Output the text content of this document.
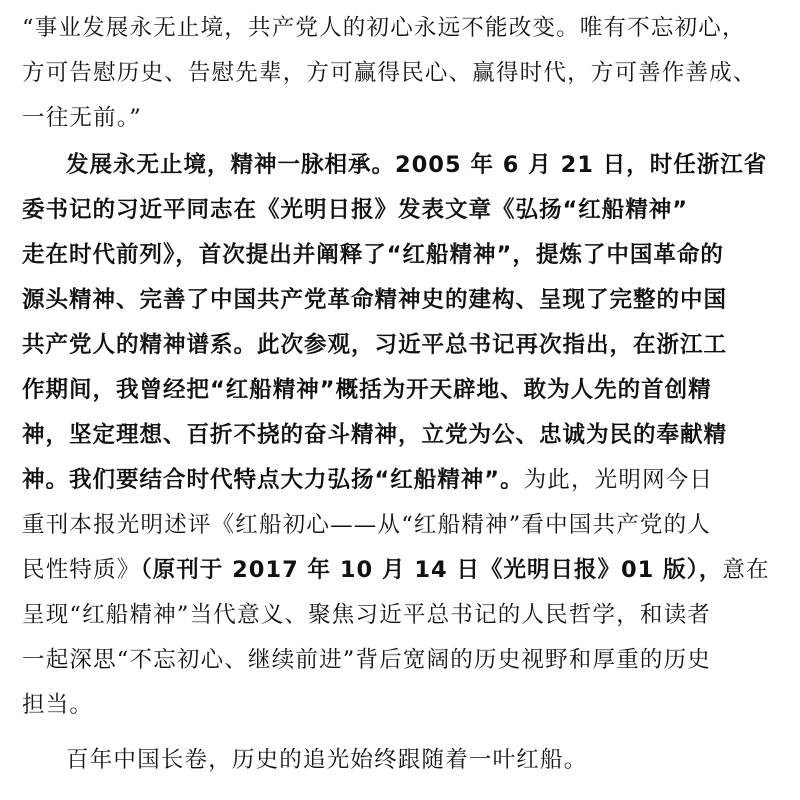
“事业发展永无止境，共产党人的初心永远不能改变。唯有不忘初心，
方可告慰历史、告慰先辈，方可赢得民心、赢得时代，方可善作善成、
一往无前。”
发展永无止境，精神一脉相承。2005 年 6 月 21 日，时任浙江省
委书记的习近平同志在《光明日报》发表文章《弘扬“红船精神”
走在时代前列》，首次提出并阐释了“红船精神”，提炼了中国革命的
源头精神、完善了中国共产党革命精神史的建构、呈现了完整的中国
共产党人的精神谱系。此次参观，习近平总书记再次指出，在浙江工
作期间，我曾经把“红船精神”概括为开天辟地、敢为人先的首创精
神，坚定理想、百折不挠的奋斗精神，立党为公、忠诚为民的奉献精
神。我们要结合时代特点大力弘扬“红船精神”。为此，光明网今日
重刊本报光明述评《红船初心——从“红船精神”看中国共产党的人
民性特质》（原刊于 2017 年 10 月 14 日《光明日报》01 版），意在
呈现“红船精神”当代意义、聚焦习近平总书记的人民哲学，和读者
一起深思“不忘初心、继续前进”背后宽阔的历史视野和厚重的历史
担当。
百年中国长卷，历史的追光始终跟随着一叶红船。
